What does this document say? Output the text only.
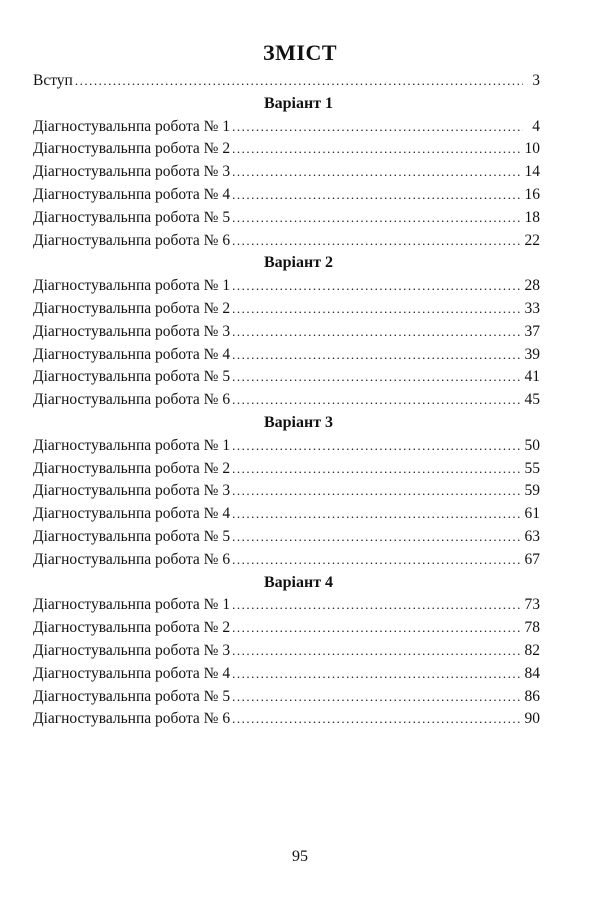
ЗМІСТ
Вступ .....	3
Варіант 1
Діагностувальнпа робота № 1 .....	4
Діагностувальнпа робота № 2 .....	10
Діагностувальнпа робота № 3 .....	14
Діагностувальнпа робота № 4 .....	16
Діагностувальнпа робота № 5 .....	18
Діагностувальнпа робота № 6 .....	22
Варіант 2
Діагностувальнпа робота № 1 .....	28
Діагностувальнпа робота № 2 .....	33
Діагностувальнпа робота № 3 .....	37
Діагностувальнпа робота № 4 .....	39
Діагностувальнпа робота № 5 .....	41
Діагностувальнпа робота № 6 .....	45
Варіант 3
Діагностувальнпа робота № 1 .....	50
Діагностувальнпа робота № 2 .....	55
Діагностувальнпа робота № 3 .....	59
Діагностувальнпа робота № 4 .....	61
Діагностувальнпа робота № 5 .....	63
Діагностувальнпа робота № 6 .....	67
Варіант 4
Діагностувальнпа робота № 1 .....	73
Діагностувальнпа робота № 2 .....	78
Діагностувальнпа робота № 3 .....	82
Діагностувальнпа робота № 4 .....	84
Діагностувальнпа робота № 5 .....	86
Діагностувальнпа робота № 6 .....	90
95
